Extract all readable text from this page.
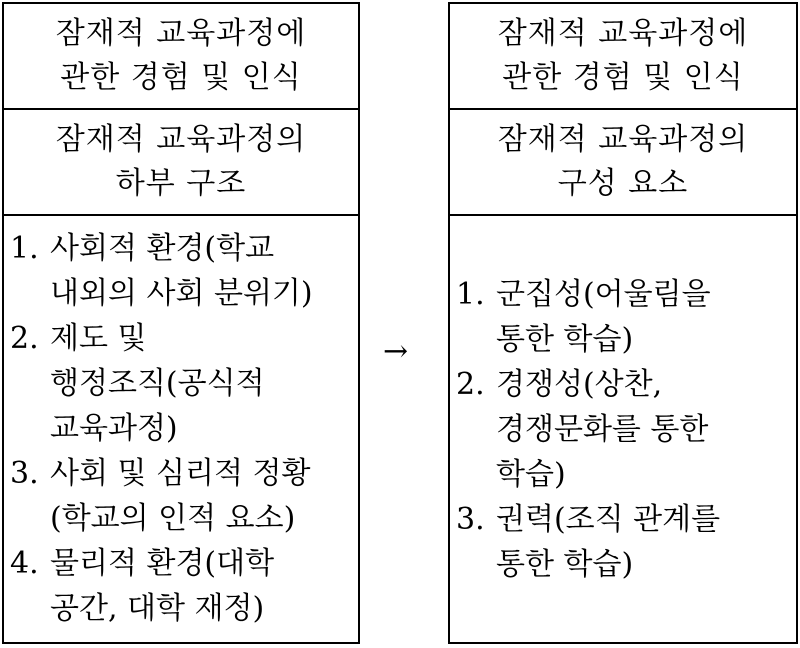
잠재적 교육과정에
관한 경험 및 인식
잠재적 교육과정의
하부 구조
1. 사회적 환경(학교
내외의 사회 분위기)
2. 제도 및
행정조직(공식적
교육과정)
3. 사회 및 심리적 정황
(학교의 인적 요소)
4. 물리적 환경(대학
공간, 대학 재정)
→
잠재적 교육과정에
관한 경험 및 인식
잠재적 교육과정의
구성 요소
1. 군집성(어울림을
통한 학습)
2. 경쟁성(상찬,
경쟁문화를 통한
학습)
3. 권력(조직 관계를
통한 학습)
